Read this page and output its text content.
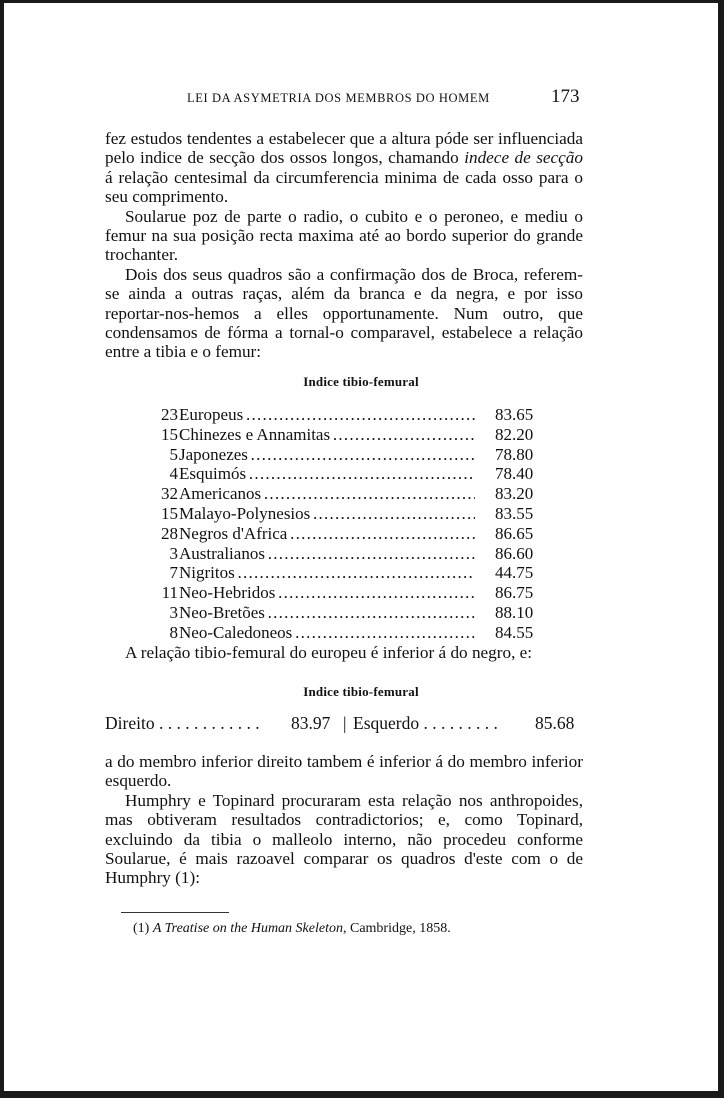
LEI DA ASYMETRIA DOS MEMBROS DO HOMEM	173

fez estudos tendentes a estabelecer que a altura póde ser influenciada pelo indice de secção dos ossos longos, chamando indece de secção á relação centesimal da circumferencia minima de cada osso para o seu comprimento.

Soularue poz de parte o radio, o cubito e o peroneo, e mediu o femur na sua posição recta maxima até ao bordo superior do grande trochanter.

Dois dos seus quadros são a confirmação dos de Broca, referem-se ainda a outras raças, além da branca e da negra, e por isso reportar-nos-hemos a elles opportunamente. Num outro, que condensamos de fórma a tornal-o comparavel, estabelece a relação entre a tibia e o femur:

Indice tibio-femural
23 Europeus . . .	83.65
15 Chinezes e Annamitas . . .	82.20
5 Japonezes . . .	78.80
4 Esquimós . . .	78.40
32 Americanos . . .	83.20
15 Malayo-Polynesios . . .	83.55
28 Negros d'Africa . . .	86.65
3 Australianos . . .	86.60
7 Nigritos . . .	44.75
11 Neo-Hebridos . . .	86.75
3 Neo-Bretões . . .	88.10
8 Neo-Caledoneos . . .	84.55

A relação tibio-femural do europeu é inferior á do negro, e:

Indice tibio-femural
Direito . . . . . . . . . . . . 83.97 | Esquerdo . . . . . . . . . 85.68

a do membro inferior direito tambem é inferior á do membro inferior esquerdo.

Humphry e Topinard procuraram esta relação nos anthropoides, mas obtiveram resultados contradictorios; e, como Topinard, excluindo da tibia o malleolo interno, não procedeu conforme Soularue, é mais razoavel comparar os quadros d'este com o de Humphry (1):

(1) A Treatise on the Human Skeleton, Cambridge, 1858.
